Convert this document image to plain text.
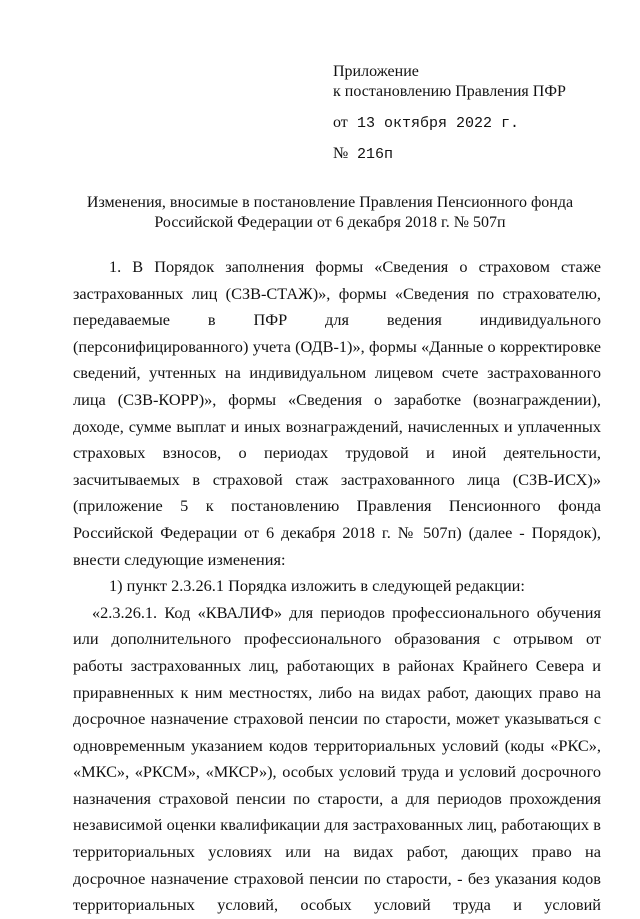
Приложение
к постановлению Правления ПФР
от 13 октября 2022 г.
№ 216п
Изменения, вносимые в постановление Правления Пенсионного фонда
Российской Федерации от 6 декабря 2018 г. № 507п

1. В Порядок заполнения формы «Сведения о страховом стаже застрахованных лиц (СЗВ-СТАЖ)», формы «Сведения по страхователю, передаваемые в ПФР для ведения индивидуального (персонифицированного) учета (ОДВ-1)», формы «Данные о корректировке сведений, учтенных на индивидуальном лицевом счете застрахованного лица (СЗВ-КОРР)», формы «Сведения о заработке (вознаграждении), доходе, сумме выплат и иных вознаграждений, начисленных и уплаченных страховых взносов, о периодах трудовой и иной деятельности, засчитываемых в страховой стаж застрахованного лица (СЗВ-ИСХ)» (приложение 5 к постановлению Правления Пенсионного фонда Российской Федерации от 6 декабря 2018 г. № 507п) (далее - Порядок), внести следующие изменения:

1) пункт 2.3.26.1 Порядка изложить в следующей редакции:

«2.3.26.1. Код «КВАЛИФ» для периодов профессионального обучения или дополнительного профессионального образования с отрывом от работы застрахованных лиц, работающих в районах Крайнего Севера и приравненных к ним местностях, либо на видах работ, дающих право на досрочное назначение страховой пенсии по старости, может указываться с одновременным указанием кодов территориальных условий (коды «РКС», «МКС», «РКСМ», «МКСР»), особых условий труда и условий досрочного назначения страховой пенсии по старости, а для периодов прохождения независимой оценки квалификации для застрахованных лиц, работающих в территориальных условиях или на видах работ, дающих право на досрочное назначение страховой пенсии по старости, - без указания кодов территориальных условий, особых условий труда и условий
